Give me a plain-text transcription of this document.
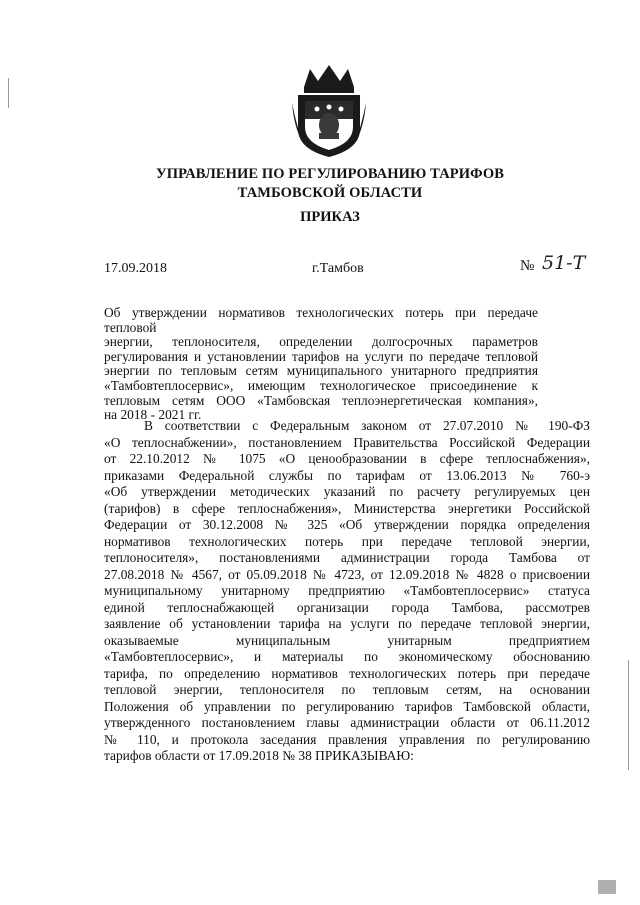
УПРАВЛЕНИЕ ПО РЕГУЛИРОВАНИЮ ТАРИФОВ
ТАМБОВСКОЙ ОБЛАСТИ
ПРИКАЗ
17.09.2018	г.Тамбов	№ 51-Т
Об утверждении нормативов технологических потерь при передаче тепловой
энергии, теплоносителя, определении долгосрочных параметров
регулирования и установлении тарифов на услуги по передаче тепловой
энергии по тепловым сетям муниципального унитарного предприятия
«Тамбовтеплосервис», имеющим технологическое присоединение к
тепловым сетям ООО «Тамбовская теплоэнергетическая компания»,
на 2018 - 2021 гг.
В соответствии с Федеральным законом от 27.07.2010 № 190-ФЗ
«О теплоснабжении», постановлением Правительства Российской Федерации
от 22.10.2012 № 1075 «О ценообразовании в сфере теплоснабжения»,
приказами Федеральной службы по тарифам от 13.06.2013 № 760-э
«Об утверждении методических указаний по расчету регулируемых цен
(тарифов) в сфере теплоснабжения», Министерства энергетики Российской
Федерации от 30.12.2008 № 325 «Об утверждении порядка определения
нормативов технологических потерь при передаче тепловой энергии,
теплоносителя», постановлениями администрации города Тамбова от
27.08.2018 № 4567, от 05.09.2018 № 4723, от 12.09.2018 № 4828 о присвоении
муниципальному унитарному предприятию «Тамбовтеплосервис» статуса
единой теплоснабжающей организации города Тамбова, рассмотрев
заявление об установлении тарифа на услуги по передаче тепловой энергии,
оказываемые муниципальным унитарным предприятием
«Тамбовтеплосервис», и материалы по экономическому обоснованию
тарифа, по определению нормативов технологических потерь при передаче
тепловой энергии, теплоносителя по тепловым сетям, на основании
Положения об управлении по регулированию тарифов Тамбовской области,
утвержденного постановлением главы администрации области от 06.11.2012
№ 110, и протокола заседания правления управления по регулированию
тарифов области от 17.09.2018 № 38 ПРИКАЗЫВАЮ:
